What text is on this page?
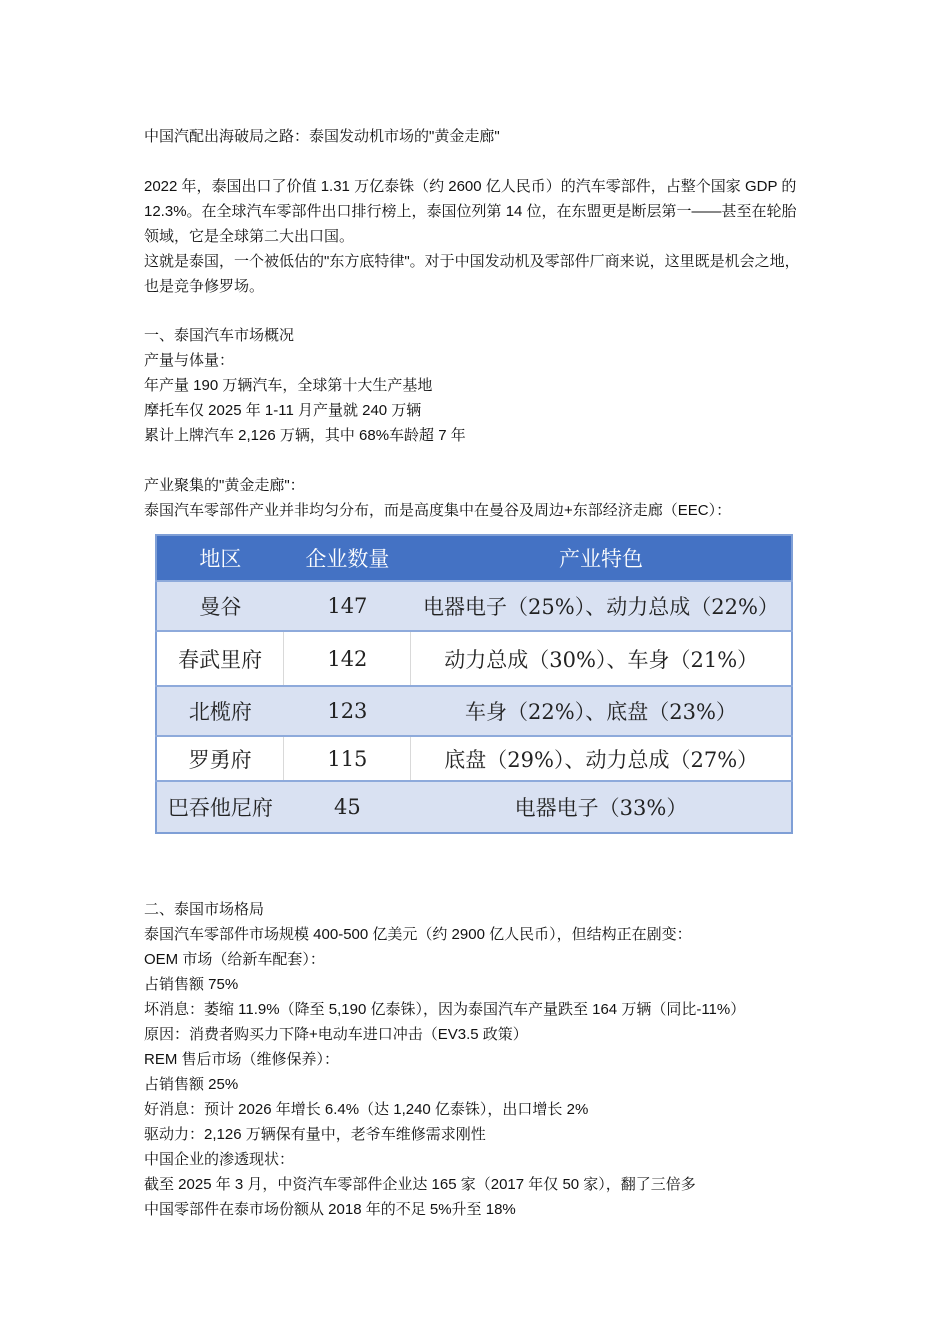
中国汽配出海破局之路：泰国发动机市场的"黄金走廊"
2022 年，泰国出口了价值 1.31 万亿泰铢（约 2600 亿人民币）的汽车零部件，占整个国家 GDP 的 12.3%。在全球汽车零部件出口排行榜上，泰国位列第 14 位，在东盟更是断层第一——甚至在轮胎领域，它是全球第二大出口国。
这就是泰国，一个被低估的"东方底特律"。对于中国发动机及零部件厂商来说，这里既是机会之地，也是竞争修罗场。
一、泰国汽车市场概况
产量与体量：
年产量 190 万辆汽车，全球第十大生产基地
摩托车仅 2025 年 1-11 月产量就 240 万辆
累计上牌汽车 2,126 万辆，其中 68%车龄超 7 年
产业聚集的"黄金走廊"：
泰国汽车零部件产业并非均匀分布，而是高度集中在曼谷及周边+东部经济走廊（EEC）：
地区	企业数量	产业特色
曼谷	147	电器电子（25%）、动力总成（22%）
春武里府	142	动力总成（30%）、车身（21%）
北榄府	123	车身（22%）、底盘（23%）
罗勇府	115	底盘（29%）、动力总成（27%）
巴吞他尼府	45	电器电子（33%）
二、泰国市场格局
泰国汽车零部件市场规模 400-500 亿美元（约 2900 亿人民币），但结构正在剧变：
OEM 市场（给新车配套）：
占销售额 75%
坏消息：萎缩 11.9%（降至 5,190 亿泰铢），因为泰国汽车产量跌至 164 万辆（同比-11%）
原因：消费者购买力下降+电动车进口冲击（EV3.5 政策）
REM 售后市场（维修保养）：
占销售额 25%
好消息：预计 2026 年增长 6.4%（达 1,240 亿泰铢），出口增长 2%
驱动力：2,126 万辆保有量中，老爷车维修需求刚性
中国企业的渗透现状：
截至 2025 年 3 月，中资汽车零部件企业达 165 家（2017 年仅 50 家），翻了三倍多
中国零部件在泰市场份额从 2018 年的不足 5%升至 18%
